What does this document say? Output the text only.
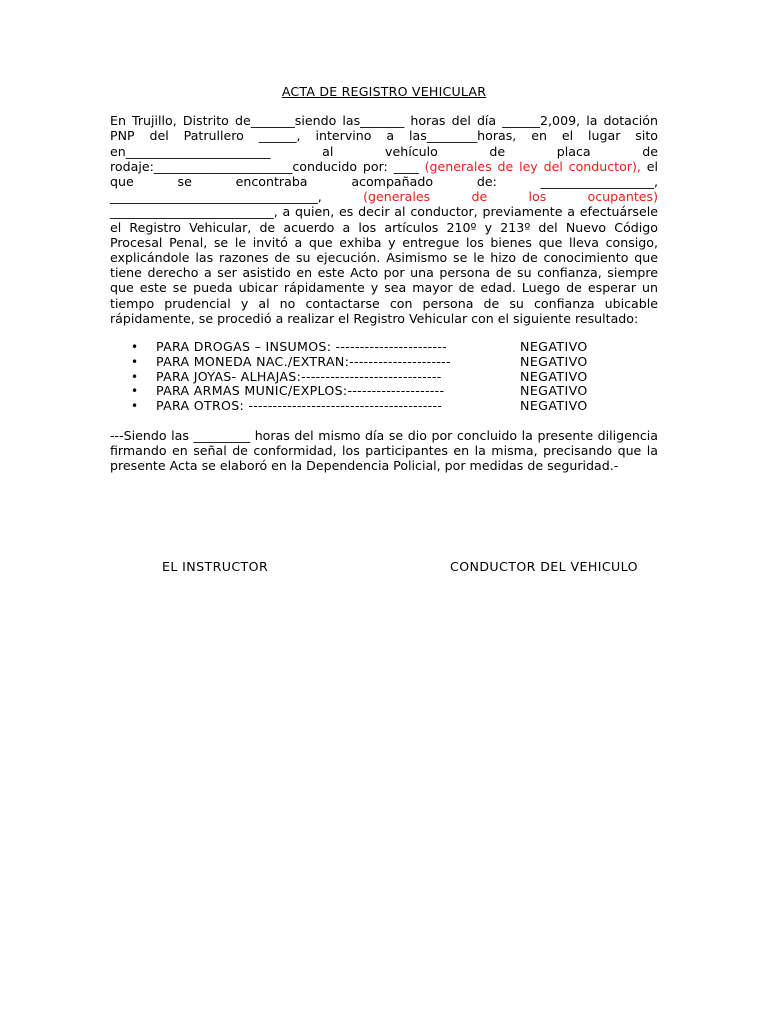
ACTA DE REGISTRO VEHICULAR

En Trujillo, Distrito de_______siendo las_______ horas del día ______2,009, la dotación PNP del Patrullero ______, intervino a las________horas, en el lugar sito en_______________________ al vehículo de placa de rodaje:______________________conducido por: ____ (generales de ley del conductor), el que se encontraba acompañado de: __________________, _________________________________, (generales de los ocupantes) __________________________, a quien, es decir al conductor, previamente a efectuársele el Registro Vehicular, de acuerdo a los artículos 210º y 213º del Nuevo Código Procesal Penal, se le invitó a que exhiba y entregue los bienes que lleva consigo, explicándole las razones de su ejecución. Asimismo se le hizo de conocimiento que tiene derecho a ser asistido en este Acto por una persona de su confianza, siempre que este se pueda ubicar rápidamente y sea mayor de edad. Luego de esperar un tiempo prudencial y al no contactarse con persona de su confianza ubicable rápidamente, se procedió a realizar el Registro Vehicular con el siguiente resultado:

• PARA DROGAS – INSUMOS: -----------------------	NEGATIVO
• PARA MONEDA NAC./EXTRAN:---------------------	NEGATIVO
• PARA JOYAS- ALHAJAS:-----------------------------	NEGATIVO
• PARA ARMAS MUNIC/EXPLOS:--------------------	NEGATIVO
• PARA OTROS: ----------------------------------------	NEGATIVO

---Siendo las _________ horas del mismo día se dio por concluido la presente diligencia firmando en señal de conformidad, los participantes en la misma, precisando que la presente Acta se elaboró en la Dependencia Policial, por medidas de seguridad.-

EL INSTRUCTOR	CONDUCTOR DEL VEHICULO
